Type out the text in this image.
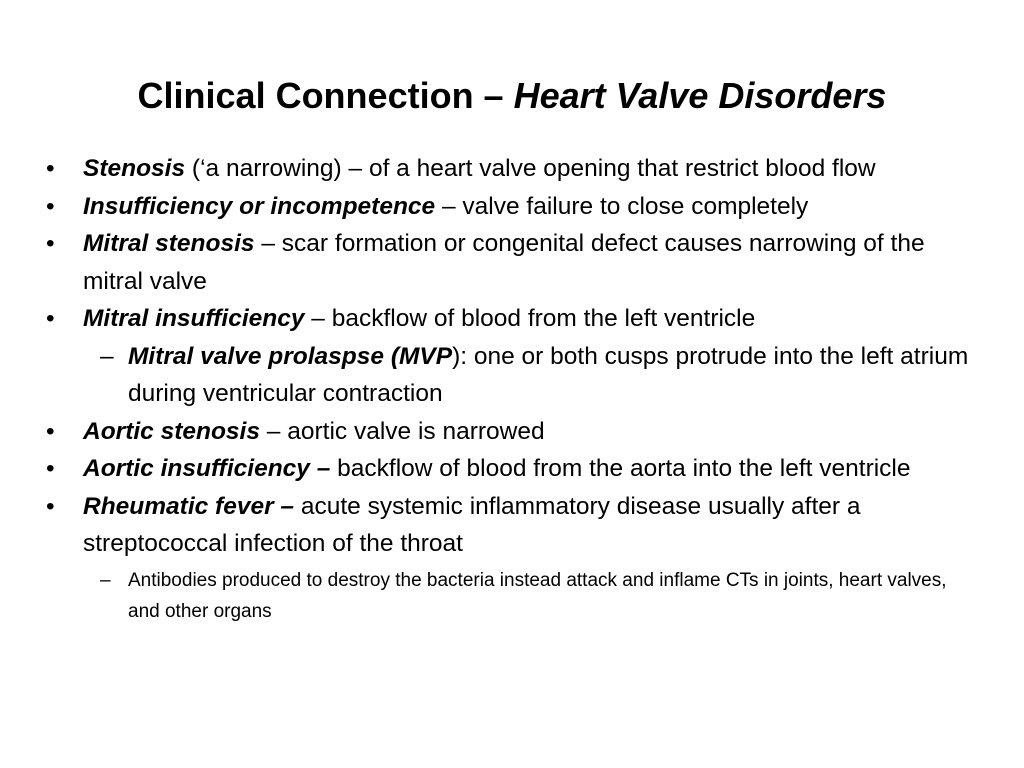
Clinical Connection – Heart Valve Disorders
•	Stenosis (‘a narrowing) – of a heart valve opening that restrict blood flow
•	Insufficiency or incompetence – valve failure to close completely
•	Mitral stenosis – scar formation or congenital defect causes narrowing of the mitral valve
•	Mitral insufficiency – backflow of blood from the left ventricle
– Mitral valve prolaspse (MVP): one or both cusps protrude into the left atrium during ventricular contraction
•	Aortic stenosis – aortic valve is narrowed
•	Aortic insufficiency – backflow of blood from the aorta into the left ventricle
•	Rheumatic fever – acute systemic inflammatory disease usually after a streptococcal infection of the throat
– Antibodies produced to destroy the bacteria instead attack and inflame CTs in joints, heart valves, and other organs
